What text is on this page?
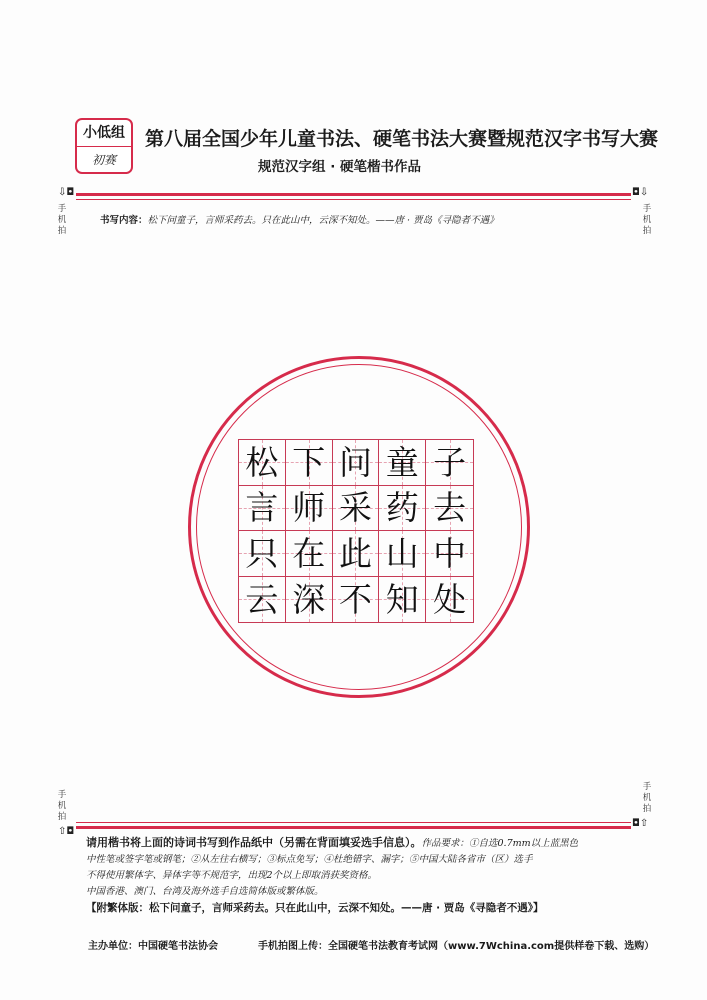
小低组
初赛
第八届全国少年儿童书法、硬笔书法大赛暨规范汉字书写大赛
规范汉字组 · 硬笔楷书作品
⇩◘	◘⇩
手机拍
手机拍
书写内容：松下问童子，言师采药去。只在此山中，云深不知处。——唐 · 贾岛《寻隐者不遇》
松 下 问 童 子
言 师 采 药 去
只 在 此 山 中
云 深 不 知 处
手机拍
手机拍
⇧◘
◘⇧

请用楷书将上面的诗词书写到作品纸中（另需在背面填妥选手信息）。作品要求：①自选0.7mm以上蓝黑色

中性笔或签字笔或钢笔；②从左往右横写；③标点免写；④杜绝错字、漏字；⑤中国大陆各省市（区）选手

不得使用繁体字、异体字等不规范字，出现2个以上即取消获奖资格。

中国香港、澳门、台湾及海外选手自选简体版或繁体版。

【附繁体版：松下问童子，言师采药去。只在此山中，云深不知处。——唐 · 贾岛《寻隐者不遇》】

主办单位：中国硬笔书法协会	手机拍图上传：全国硬笔书法教育考试网（www.7Wchina.com提供样卷下载、选购）
